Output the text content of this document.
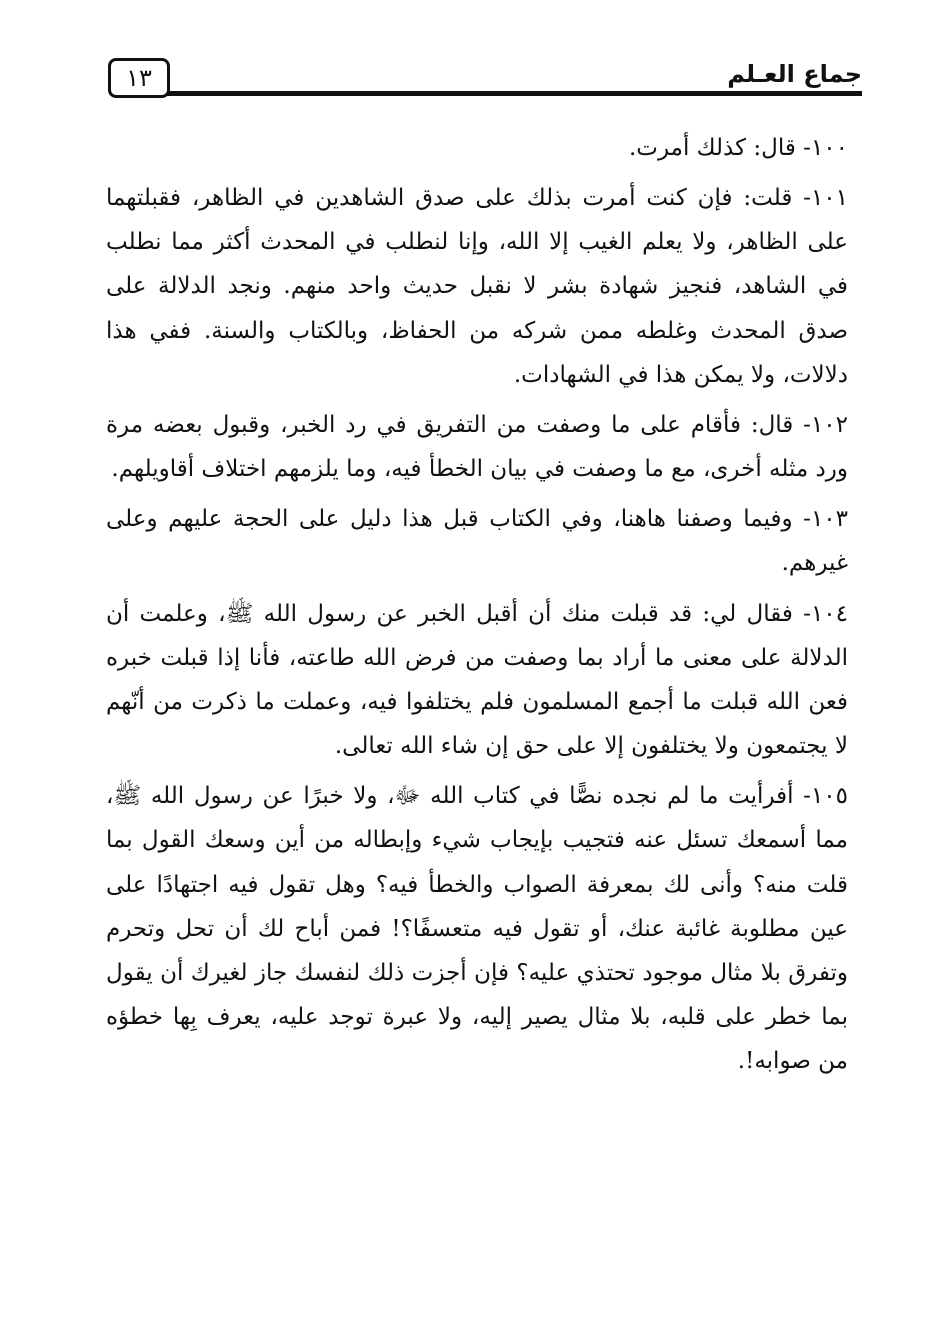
جماع العـلم
١٣

١٠٠- قال: كذلك أمرت.

١٠١- قلت: فإن كنت أمرت بذلك على صدق الشاهدين في الظاهر، فقبلتهما على الظاهر، ولا يعلم الغيب إلا الله، وإنا لنطلب في المحدث أكثر مما نطلب في الشاهد، فنجيز شهادة بشر لا نقبل حديث واحد منهم. ونجد الدلالة على صدق المحدث وغلطه ممن شركه من الحفاظ، وبالكتاب والسنة. ففي هذا دلالات، ولا يمكن هذا في الشهادات.

١٠٢- قال: فأقام على ما وصفت من التفريق في رد الخبر، وقبول بعضه مرة ورد مثله أخرى، مع ما وصفت في بيان الخطأ فيه، وما يلزمهم اختلاف أقاويلهم.

١٠٣- وفيما وصفنا هاهنا، وفي الكتاب قبل هذا دليل على الحجة عليهم وعلى غيرهم.

١٠٤- فقال لي: قد قبلت منك أن أقبل الخبر عن رسول الله ﷺ، وعلمت أن الدلالة على معنى ما أراد بما وصفت من فرض الله طاعته، فأنا إذا قبلت خبره فعن الله قبلت ما أجمع المسلمون فلم يختلفوا فيه، وعملت ما ذكرت من أنّهم لا يجتمعون ولا يختلفون إلا على حق إن شاء الله تعالى.

١٠٥- أفرأيت ما لم نجده نصًّا في كتاب الله ﷻ، ولا خبرًا عن رسول الله ﷺ، مما أسمعك تسئل عنه فتجيب بإيجاب شيء وإبطاله من أين وسعك القول بما قلت منه؟ وأنى لك بمعرفة الصواب والخطأ فيه؟ وهل تقول فيه اجتهادًا على عين مطلوبة غائبة عنك، أو تقول فيه متعسفًا؟! فمن أباح لك أن تحل وتحرم وتفرق بلا مثال موجود تحتذي عليه؟ فإن أجزت ذلك لنفسك جاز لغيرك أن يقول بما خطر على قلبه، بلا مثال يصير إليه، ولا عبرة توجد عليه، يعرف بِها خطؤه من صوابه!.
